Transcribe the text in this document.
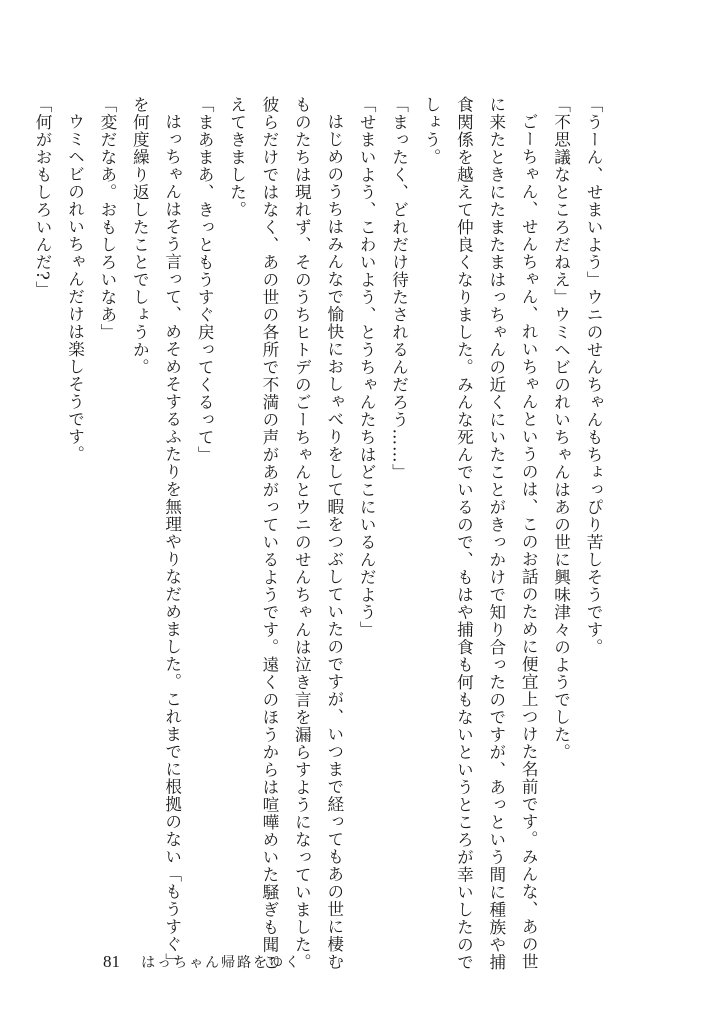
「うーん、せまいよう」ウニのせんちゃんもちょっぴり苦しそうです。

「不思議なところだねえ」ウミヘビのれいちゃんはあの世に興味津々のようでした。

ごーちゃん、せんちゃん、れいちゃんというのは、このお話のために便宜上つけた名前です。みんな、あの世

に来たときにたまたまはっちゃんの近くにいたことがきっかけで知り合ったのですが、あっという間に種族や捕

食関係を越えて仲良くなりました。みんな死んでいるので、もはや捕食も何もないというところが幸いしたので

しょう。

「まったく、どれだけ待たされるんだろう……」

「せまいよう、こわいよう、とうちゃんたちはどこにいるんだよう」

はじめのうちはみんなで愉快におしゃべりをして暇をつぶしていたのですが、いつまで経ってもあの世に棲む

ものたちは現れず、そのうちヒトデのごーちゃんとウニのせんちゃんは泣き言を漏らすようになっていました。

彼らだけではなく、あの世の各所で不満の声があがっているようです。遠くのほうからは喧嘩めいた騒ぎも聞こ

えてきました。

「まあまあ、きっともうすぐ戻ってくるって」

はっちゃんはそう言って、めそめそするふたりを無理やりなだめました。これまでに根拠のない「もうすぐ」

を何度繰り返したことでしょうか。

「変だなあ。おもしろいなあ」

ウミヘビのれいちゃんだけは楽しそうです。

「何がおもしろいんだ?」

81 はっちゃん帰路をゆく
